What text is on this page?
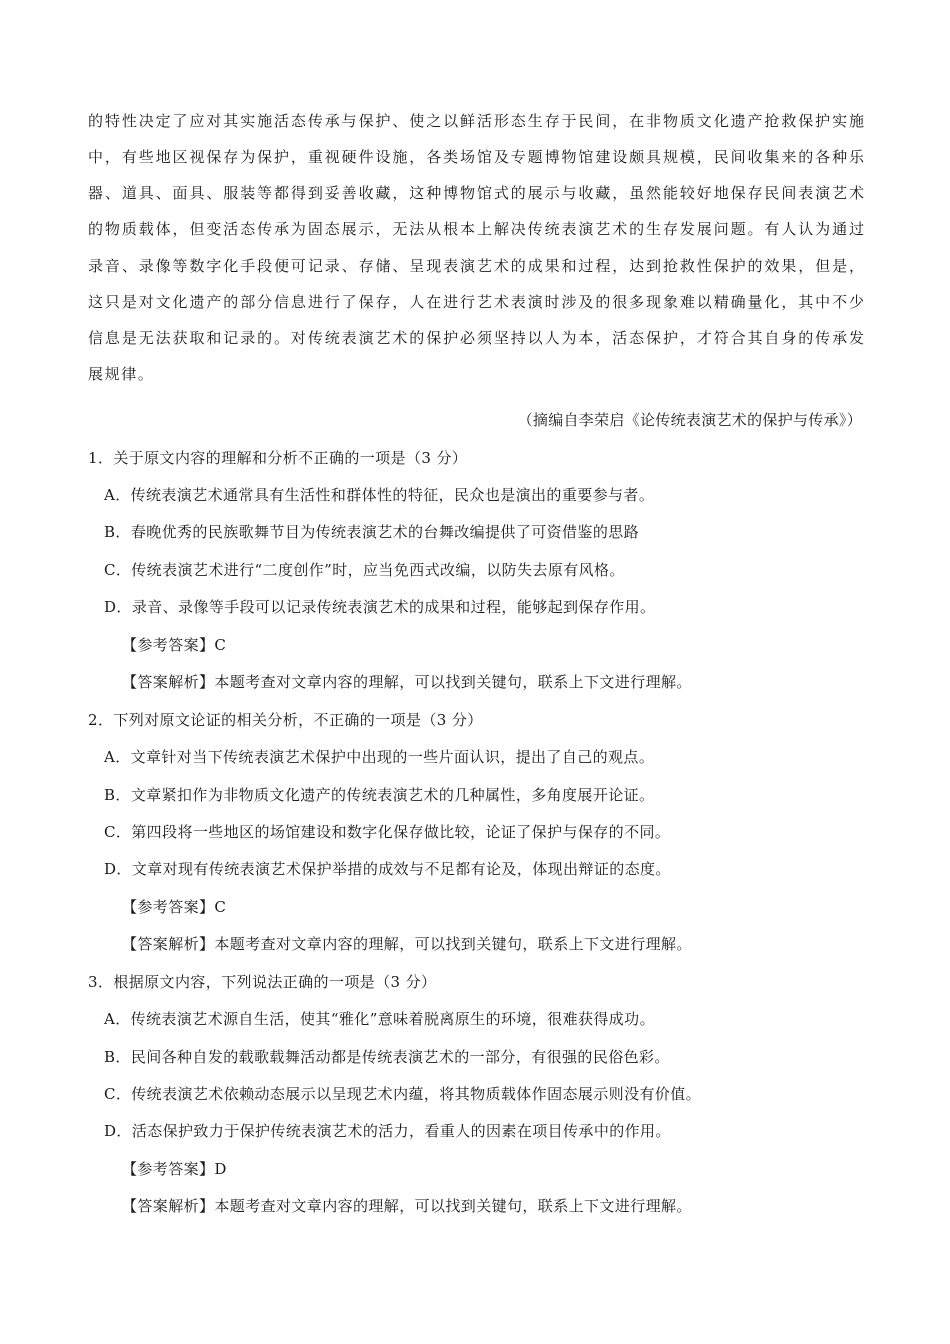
的特性决定了应对其实施活态传承与保护、使之以鲜活形态生存于民间，在非物质文化遗产抢救保护实施
中，有些地区视保存为保护，重视硬件设施，各类场馆及专题博物馆建设颇具规模，民间收集来的各种乐
器、道具、面具、服装等都得到妥善收藏，这种博物馆式的展示与收藏，虽然能较好地保存民间表演艺术
的物质载体，但变活态传承为固态展示，无法从根本上解决传统表演艺术的生存发展问题。有人认为通过
录音、录像等数字化手段便可记录、存储、呈现表演艺术的成果和过程，达到抢救性保护的效果，但是，
这只是对文化遗产的部分信息进行了保存，人在进行艺术表演时涉及的很多现象难以精确量化，其中不少
信息是无法获取和记录的。对传统表演艺术的保护必须坚持以人为本，活态保护，才符合其自身的传承发
展规律。
（摘编自李荣启《论传统表演艺术的保护与传承》）
1．关于原文内容的理解和分析不正确的一项是（3 分）
A．传统表演艺术通常具有生活性和群体性的特征，民众也是演出的重要参与者。
B．春晚优秀的民族歌舞节目为传统表演艺术的台舞改编提供了可资借鉴的思路
C．传统表演艺术进行“二度创作”时，应当免西式改编，以防失去原有风格。
D．录音、录像等手段可以记录传统表演艺术的成果和过程，能够起到保存作用。
【参考答案】C
【答案解析】本题考查对文章内容的理解，可以找到关键句，联系上下文进行理解。
2．下列对原文论证的相关分析，不正确的一项是（3 分）
A．文章针对当下传统表演艺术保护中出现的一些片面认识，提出了自己的观点。
B．文章紧扣作为非物质文化遗产的传统表演艺术的几种属性，多角度展开论证。
C．第四段将一些地区的场馆建设和数字化保存做比较，论证了保护与保存的不同。
D．文章对现有传统表演艺术保护举措的成效与不足都有论及，体现出辩证的态度。
【参考答案】C
【答案解析】本题考查对文章内容的理解，可以找到关键句，联系上下文进行理解。
3．根据原文内容，下列说法正确的一项是（3 分）
A．传统表演艺术源自生活，使其“雅化”意味着脱离原生的环境，很难获得成功。
B．民间各种自发的载歌载舞活动都是传统表演艺术的一部分，有很强的民俗色彩。
C．传统表演艺术依赖动态展示以呈现艺术内蕴，将其物质载体作固态展示则没有价值。
D．活态保护致力于保护传统表演艺术的活力，看重人的因素在项目传承中的作用。
【参考答案】D
【答案解析】本题考查对文章内容的理解，可以找到关键句，联系上下文进行理解。
